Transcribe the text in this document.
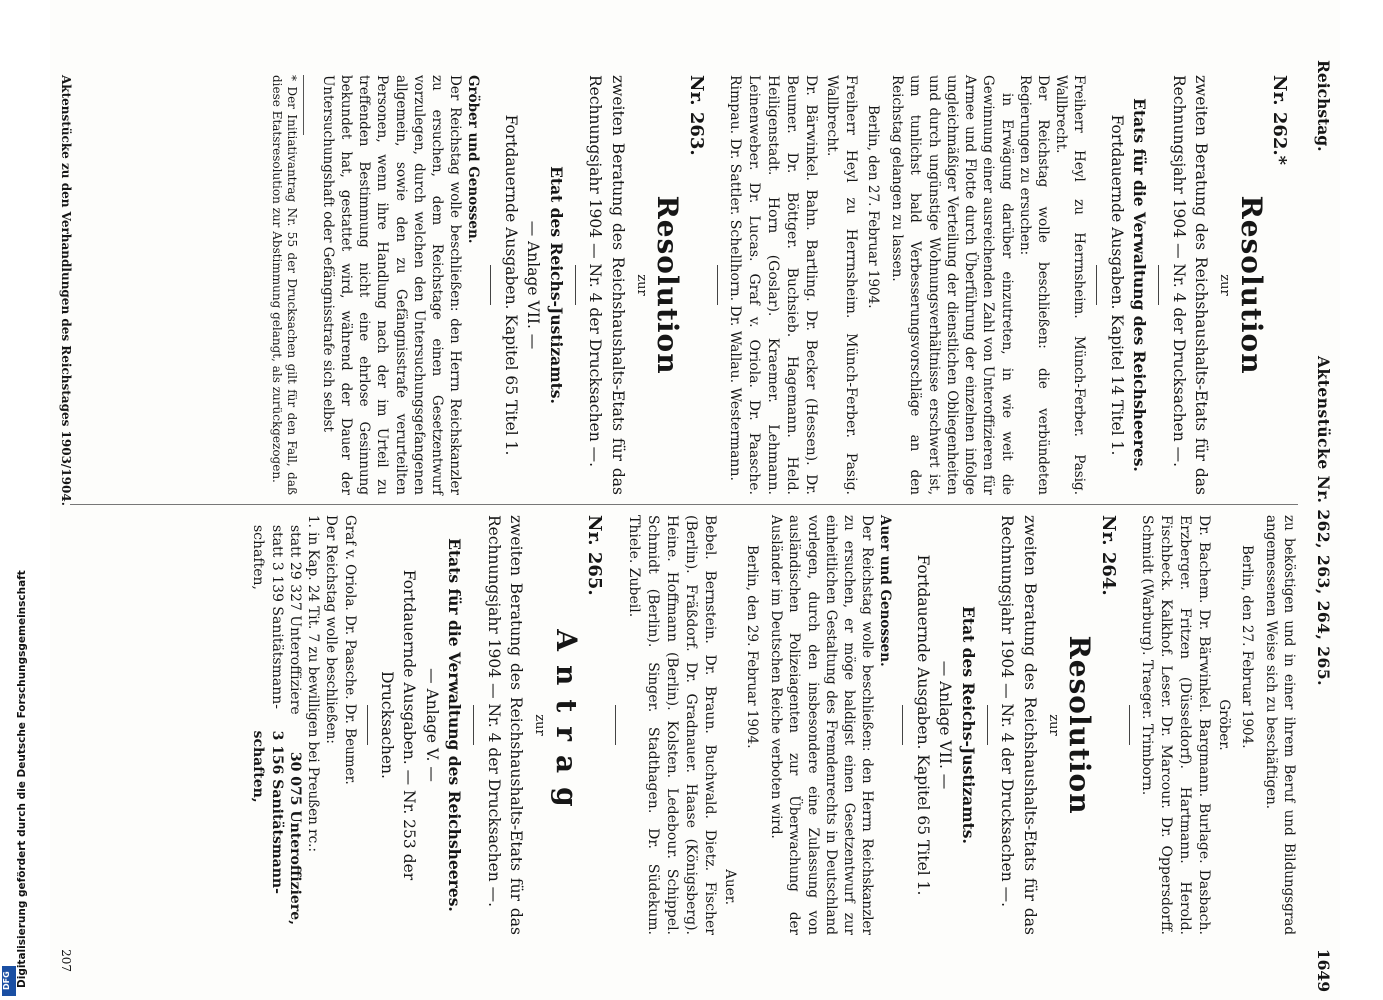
Reichstag.
Aktenstücke Nr. 262, 263, 264, 265.
1649

Nr. 262.*

Resolution

zur

zweiten Beratung des Reichshaushalts-Etats für das Rechnungsjahr 1904 — Nr. 4 der Drucksachen —.

Etats für die Verwaltung des Reichsheeres.

Fortdauernde Ausgaben. Kapitel 14 Titel 1.

Freiherr Heyl zu Herrnsheim. Münch-Ferber. Pasig. Wallbrecht.

Der Reichstag wolle beschließen: die verbündeten Regierungen zu ersuchen:

in Erwägung darüber einzutreten, in wie weit die Gewinnung einer ausreichenden Zahl von Unteroffizieren für Armee und Flotte durch Überführung der einzelnen infolge ungleichmäßiger Verteilung der dienstlichen Obliegenheiten und durch ungünstige Wohnungsverhältnisse erschwert ist, um tunlichst bald Verbesserungsvorschläge an den Reichstag gelangen zu lassen.

Berlin, den 27. Februar 1904.

Freiherr Heyl zu Herrnsheim. Münch-Ferber. Pasig. Wallbrecht.

Dr. Bärwinkel. Bahn. Bartling. Dr. Becker (Hessen). Dr. Beumer. Dr. Böttger. Buchsieb. Hagemann. Held. Heiligenstadt. Horn (Goslar). Kraemer. Lehmann. Leinenweber. Dr. Lucas. Graf v. Oriola. Dr. Paasche. Rimpau. Dr. Sattler. Schellhorn. Dr. Wallau. Westermann.

Nr. 263.

Resolution

zur

zweiten Beratung des Reichshaushalts-Etats für das Rechnungsjahr 1904 — Nr. 4 der Drucksachen —.

Etat des Reichs-Justizamts.

— Anlage VII. —

Fortdauernde Ausgaben. Kapitel 65 Titel 1.

Gröber und Genossen.

Der Reichstag wolle beschließen: den Herrn Reichskanzler zu ersuchen, dem Reichstage einen Gesetzentwurf vorzulegen, durch welchen den Untersuchungsgefangenen allgemein, sowie den zu Gefängnisstrafe verurteilten Personen, wenn ihre Handlung nach der im Urteil zu treffenden Bestimmung nicht eine ehrlose Gesinnung bekundet hat, gestattet wird, während der Dauer der Untersuchungshaft oder Gefängnisstrafe sich selbst

* Der Initiativantrag Nr. 55 der Drucksachen gilt für den Fall, daß diese Etatsresolution zur Abstimmung gelangt, als zurückgezogen.

zu beköstigen und in einer ihrem Beruf und Bildungsgrad angemessenen Weise sich zu beschäftigen.

Berlin, den 27. Februar 1904.

Gröber.

Dr. Bachem. Dr. Bärwinkel. Bargmann. Burlage. Dasbach. Erzberger. Fritzen (Düsseldorf). Hartmann. Herold. Fischbeck. Kalkhof. Leser. Dr. Marcour. Dr. Oppersdorff. Schmidt (Warburg). Traeger. Trimborn.

Nr. 264.

Resolution

zur

zweiten Beratung des Reichshaushalts-Etats für das Rechnungsjahr 1904 — Nr. 4 der Drucksachen —.

Etat des Reichs-Justizamts.

— Anlage VII. —

Fortdauernde Ausgaben. Kapitel 65 Titel 1.

Auer und Genossen.

Der Reichstag wolle beschließen: den Herrn Reichskanzler zu ersuchen, er möge baldigst einen Gesetzentwurf zur einheitlichen Gestaltung des Fremdenrechts in Deutschland vorlegen, durch den insbesondere eine Zulassung von ausländischen Polizeiagenten zur Überwachung der Ausländer im Deutschen Reiche verboten wird.

Berlin, den 29. Februar 1904.

Auer.

Bebel. Bernstein. Dr. Braun. Buchwald. Dietz. Fischer (Berlin). Fräßdorf. Dr. Gradnauer. Haase (Königsberg). Heine. Hoffmann (Berlin). Kolsten. Ledebour. Schippel. Schmidt (Berlin). Singer. Stadthagen. Dr. Südekum. Thiele. Zubeil.

Nr. 265.

Antrag

zur

zweiten Beratung des Reichshaushalts-Etats für das Rechnungsjahr 1904 — Nr. 4 der Drucksachen —.

Etats für die Verwaltung des Reichsheeres.

— Anlage V. —

Fortdauernde Ausgaben. — Nr. 253 der Drucksachen.

Graf v. Oriola. Dr. Paasche. Dr. Beumer.

Der Reichstag wolle beschließen:

1. in Kap. 24 Tit. 7 zu bewilligen bei Preußen rc.:

statt 29 327 Unteroffiziere
30 075 Unteroffiziere,
statt 3 139 Sanitätsmann-schaften,
3 156 Sanitätsmann-schaften,
Aktenstücke zu den Verhandlungen des Reichstages 1903/1904.
207
Digitalisierung gefördert durch die Deutsche Forschungsgemeinschaft
DFG
